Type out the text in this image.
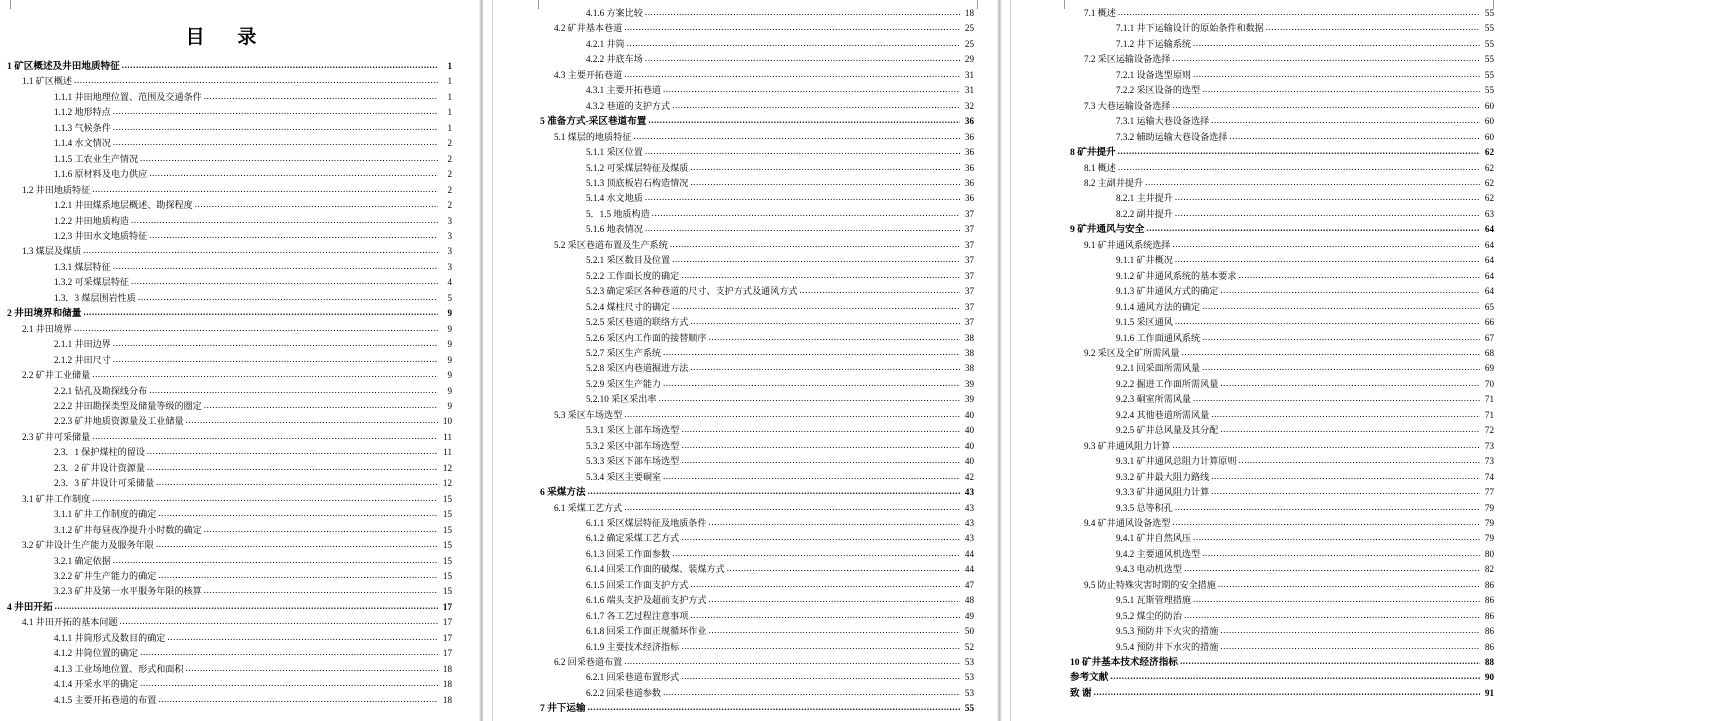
目 录
1 矿区概述及井田地质特征 .....	1
1.1 矿区概述 .....	1
1.1.1 井田地理位置、范围及交通条件 .....	1
1.1.2 地形特点 .....	1
1.1.3 气候条件 .....	1
1.1.4 水文情况 .....	2
1.1.5 工农业生产情况 .....	2
1.1.6 原材料及电力供应 .....	2
1.2 井田地质特征 .....	2
1.2.1 井田煤系地层概述、勘探程度 .....	2
1.2.2 井田地质构造 .....	3
1.2.3 井田水文地质特征 .....	3
1.3 煤层及煤质 .....	3
1.3.1 煤层特征 .....	3
1.3.2 可采煤层特征 .....	4
1.3．3 煤层围岩性质 .....	5
2 井田境界和储量 .....	9
2.1 井田境界 .....	9
2.1.1 井田边界 .....	9
2.1.2 井田尺寸 .....	9
2.2 矿井工业储量 .....	9
2.2.1 钻孔及勘探线分布 .....	9
2.2.2 井田勘探类型及储量等级的圈定 .....	9
2.2.3 矿井地质资源量及工业储量 .....	10
2.3 矿井可采储量 .....	11
2.3．1 保护煤柱的留设 .....	11
2.3．2 矿井设计资源量 .....	12
2.3．3 矿井设计可采储量 .....	12
3.1 矿井工作制度 .....	15
3.1.1 矿井工作制度的确定 .....	15
3.1.2 矿井每昼夜净提升小时数的确定 .....	15
3.2 矿井设计生产能力及服务年限 .....	15
3.2.1 确定依据 .....	15
3.2.2 矿井生产能力的确定 .....	15
3.2.3 矿井及第一水平服务年限的核算 .....	15
4 井田开拓 .....	17
4.1 井田开拓的基本问题 .....	17
4.1.1 井筒形式及数目的确定 .....	17
4.1.2 井筒位置的确定 .....	17
4.1.3 工业场地位置、形式和面积 .....	18
4.1.4 开采水平的确定 .....	18
4.1.5 主要开拓巷道的布置 .....	18
4.1.6 方案比较 .....	18
4.2 矿井基本巷道 .....	25
4.2.1 井筒 .....	25
4.2.2 井底车场 .....	29
4.3 主要开拓巷道 .....	31
4.3.1 主要开拓巷道 .....	31
4.3.2 巷道的支护方式 .....	32
5 准备方式-采区巷道布置 .....	36
5.1 煤层的地质特征 .....	36
5.1.1 采区位置 .....	36
5.1.2 可采煤层特征及煤质 .....	36
5.1.3 顶底板岩石构造情况 .....	36
5.1.4 水文地质 .....	36
5．1.5 地质构造 .....	37
5.1.6 地表情况 .....	37
5.2 采区巷道布置及生产系统 .....	37
5.2.1 采区数目及位置 .....	37
5.2.2 工作面长度的确定 .....	37
5.2.3 确定采区各种巷道的尺寸、支护方式及通风方式 .....	37
5.2.4 煤柱尺寸的确定 .....	37
5.2.5 采区巷道的联络方式 .....	37
5.2.6 采区内工作面的接替顺序 .....	38
5.2.7 采区生产系统 .....	38
5.2.8 采区内巷道掘进方法 .....	38
5.2.9 采区生产能力 .....	39
5.2.10 采区采出率 .....	39
5.3 采区车场选型 .....	40
5.3.1 采区上部车场选型 .....	40
5.3.2 采区中部车场选型 .....	40
5.3.3 采区下部车场选型 .....	40
5.3.4 采区主要硐室 .....	42
6 采煤方法 .....	43
6.1 采煤工艺方式 .....	43
6.1.1 采区煤层特征及地质条件 .....	43
6.1.2 确定采煤工艺方式 .....	43
6.1.3 回采工作面参数 .....	44
6.1.4 回采工作面的破煤、装煤方式 .....	44
6.1.5 回采工作面支护方式 .....	47
6.1.6 端头支护及超前支护方式 .....	48
6.1.7 各工艺过程注意事项 .....	49
6.1.8 回采工作面正规循环作业 .....	50
6.1.9 主要技术经济指标 .....	52
6.2 回采巷道布置 .....	53
6.2.1 回采巷道布置形式 .....	53
6.2.2 回采巷道参数 .....	53
7 井下运输 .....	55
7.1 概述 .....	55
7.1.1 井下运输设计的原始条件和数据 .....	55
7.1.2 井下运输系统 .....	55
7.2 采区运输设备选择 .....	55
7.2.1 设备选型原则 .....	55
7.2.2 采区设备的选型 .....	55
7.3 大巷运输设备选择 .....	60
7.3.1 运输大巷设备选择 .....	60
7.3.2 辅助运输大巷设备选择 .....	60
8 矿井提升 .....	62
8.1 概述 .....	62
8.2 主副井提升 .....	62
8.2.1 主井提升 .....	62
8.2.2 副井提升 .....	63
9 矿井通风与安全 .....	64
9.1 矿井通风系统选择 .....	64
9.1.1 矿井概况 .....	64
9.1.2 矿井通风系统的基本要求 .....	64
9.1.3 矿井通风方式的确定 .....	64
9.1.4 通风方法的确定 .....	65
9.1.5 采区通风 .....	66
9.1.6 工作面通风系统 .....	67
9.2 采区及全矿所需风量 .....	68
9.2.1 回采面所需风量 .....	69
9.2.2 掘进工作面所需风量 .....	70
9.2.3 硐室所需风量 .....	71
9.2.4 其他巷道所需风量 .....	71
9.2.5 矿井总风量及其分配 .....	72
9.3 矿井通风阻力计算 .....	73
9.3.1 矿井通风总阻力计算原则 .....	73
9.3.2 矿井最大阻力路线 .....	74
9.3.3 矿井通风阻力计算 .....	77
9.3.5 总等积孔 .....	79
9.4 矿井通风设备选型 .....	79
9.4.1 矿井自然风压 .....	79
9.4.2 主要通风机选型 .....	80
9.4.3 电动机选型 .....	82
9.5 防止特殊灾害时期的安全措施 .....	86
9.5.1 瓦斯管理措施 .....	86
9.5.2 煤尘的防治 .....	86
9.5.3 预防井下火灾的措施 .....	86
9.5.4 预防井下水灾的措施 .....	86
10 矿井基本技术经济指标 .....	88
参考文献 .....	90
致 谢 .....	91
